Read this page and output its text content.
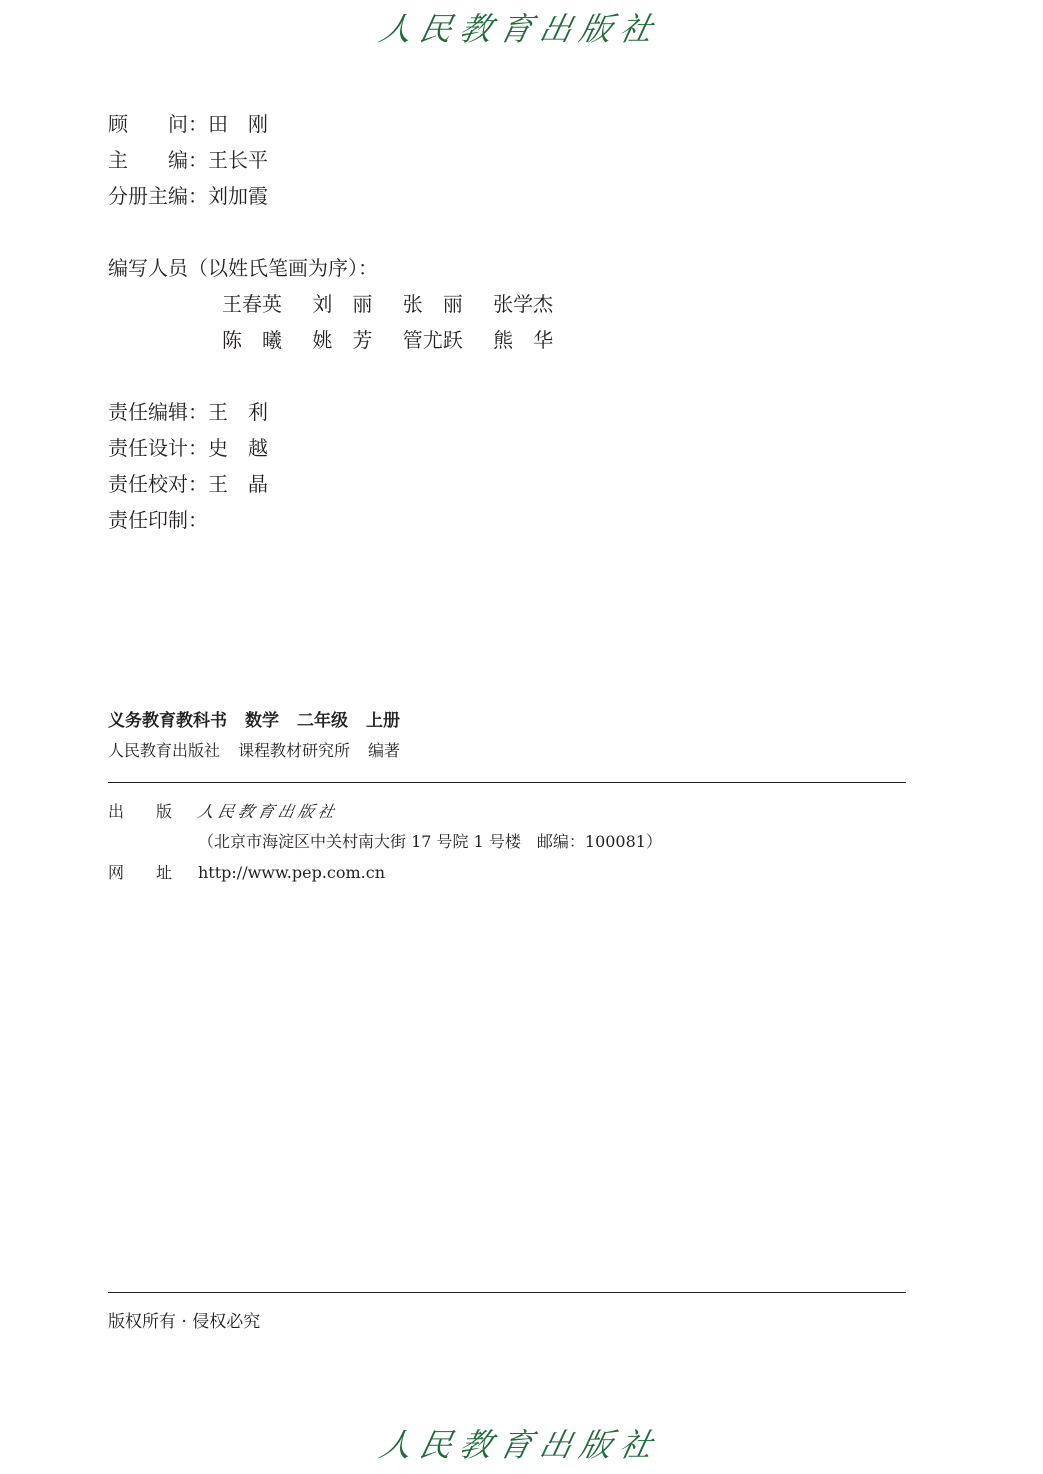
人民教育出版社
顾　　问：田　刚
主　　编：王长平
分册主编：刘加霞
编写人员（以姓氏笔画为序）：
王春英 刘　丽 张　丽 张学杰
陈　曦 姚　芳 管尤跃 熊　华
责任编辑：王　利
责任设计：史　越
责任校对：王　晶
责任印制：
义务教育教科书 数学 二年级 上册
人民教育出版社 课程教材研究所 编著
出　　版 人民教育出版社
（北京市海淀区中关村南大街 17 号院 1 号楼　邮编：100081）
网　　址 http://www.pep.com.cn
版权所有 · 侵权必究
人民教育出版社
